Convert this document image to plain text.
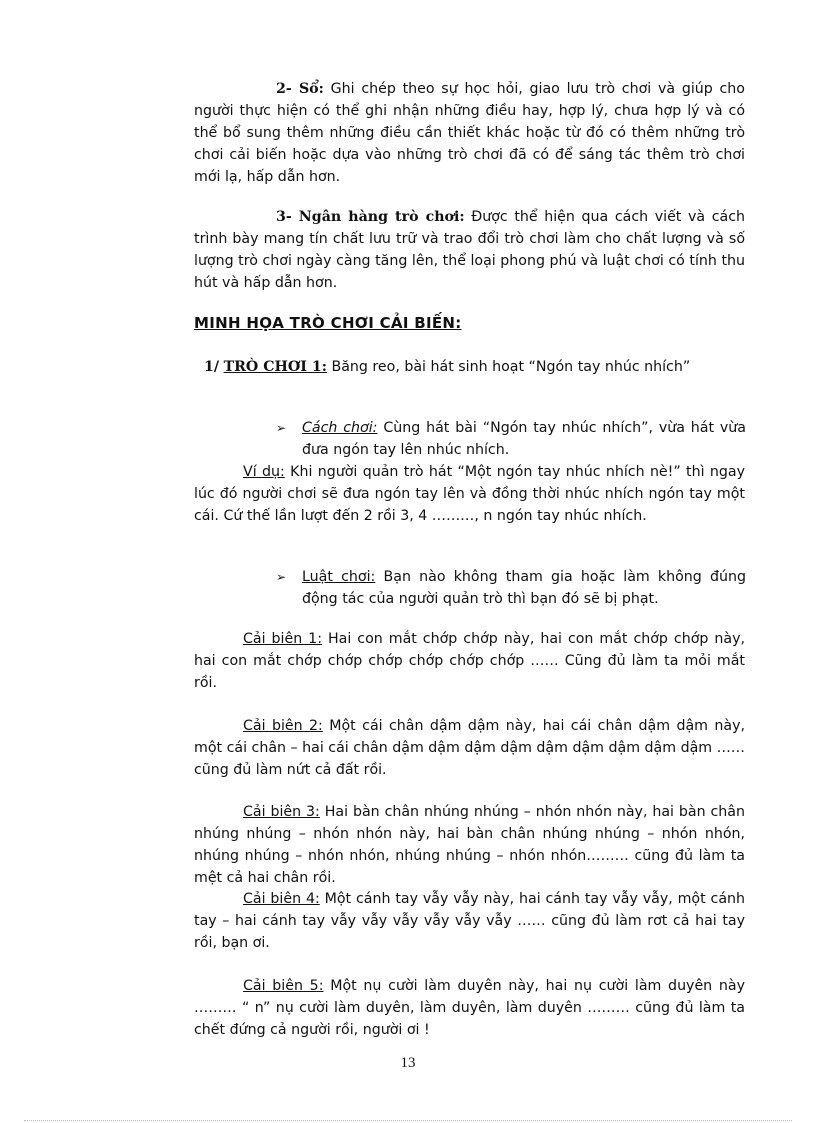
2- Sổ: Ghi chép theo sự học hỏi, giao lưu trò chơi và giúp cho người thực hiện có thể ghi nhận những điều hay, hợp lý, chưa hợp lý và có thể bổ sung thêm những điều cần thiết khác hoặc từ đó có thêm những trò chơi cải biến hoặc dựa vào những trò chơi đã có để sáng tác thêm trò chơi mới lạ, hấp dẫn hơn.
3- Ngân hàng trò chơi: Được thể hiện qua cách viết và cách trình bày mang tín chất lưu trữ và trao đổi trò chơi làm cho chất lượng và số lượng trò chơi ngày càng tăng lên, thể loại phong phú và luật chơi có tính thu hút và hấp dẫn hơn.
MINH HỌA TRÒ CHƠI CẢI BIẾN:
1/ TRÒ CHƠI 1: Băng reo, bài hát sinh hoạt “Ngón tay nhúc nhích”
➢	Cách chơi: Cùng hát bài “Ngón tay nhúc nhích”, vừa hát vừa đưa ngón tay lên nhúc nhích.
Ví dụ: Khi người quản trò hát “Một ngón tay nhúc nhích nè!” thì ngay lúc đó người chơi sẽ đưa ngón tay lên và đồng thời nhúc nhích ngón tay một cái. Cứ thế lần lượt đến 2 rồi 3, 4 ………, n ngón tay nhúc nhích.
➢	Luật chơi: Bạn nào không tham gia hoặc làm không đúng động tác của người quản trò thì bạn đó sẽ bị phạt.
Cải biên 1: Hai con mắt chớp chớp này, hai con mắt chớp chớp này, hai con mắt chớp chớp chớp chớp chớp chớp …… Cũng đủ làm ta mỏi mắt rồi.
Cải biên 2: Một cái chân dậm dậm này, hai cái chân dậm dậm này, một cái chân – hai cái chân dậm dậm dậm dậm dậm dậm dậm dậm dậm …… cũng đủ làm nứt cả đất rồi.
Cải biên 3: Hai bàn chân nhúng nhúng – nhón nhón này, hai bàn chân nhúng nhúng – nhón nhón này, hai bàn chân nhúng nhúng – nhón nhón, nhúng nhúng – nhón nhón, nhúng nhúng – nhón nhón……… cũng đủ làm ta mệt cả hai chân rồi.
Cải biên 4: Một cánh tay vẫy vẫy này, hai cánh tay vẫy vẫy, một cánh tay – hai cánh tay vẫy vẫy vẫy vẫy vẫy vẫy …… cũng đủ làm rơt cả hai tay rồi, bạn ơi.
Cải biên 5: Một nụ cười làm duyên này, hai nụ cười làm duyên này ……… “ n” nụ cười làm duyên, làm duyên, làm duyên ……… cũng đủ làm ta chết đứng cả người rồi, người ơi !
13
